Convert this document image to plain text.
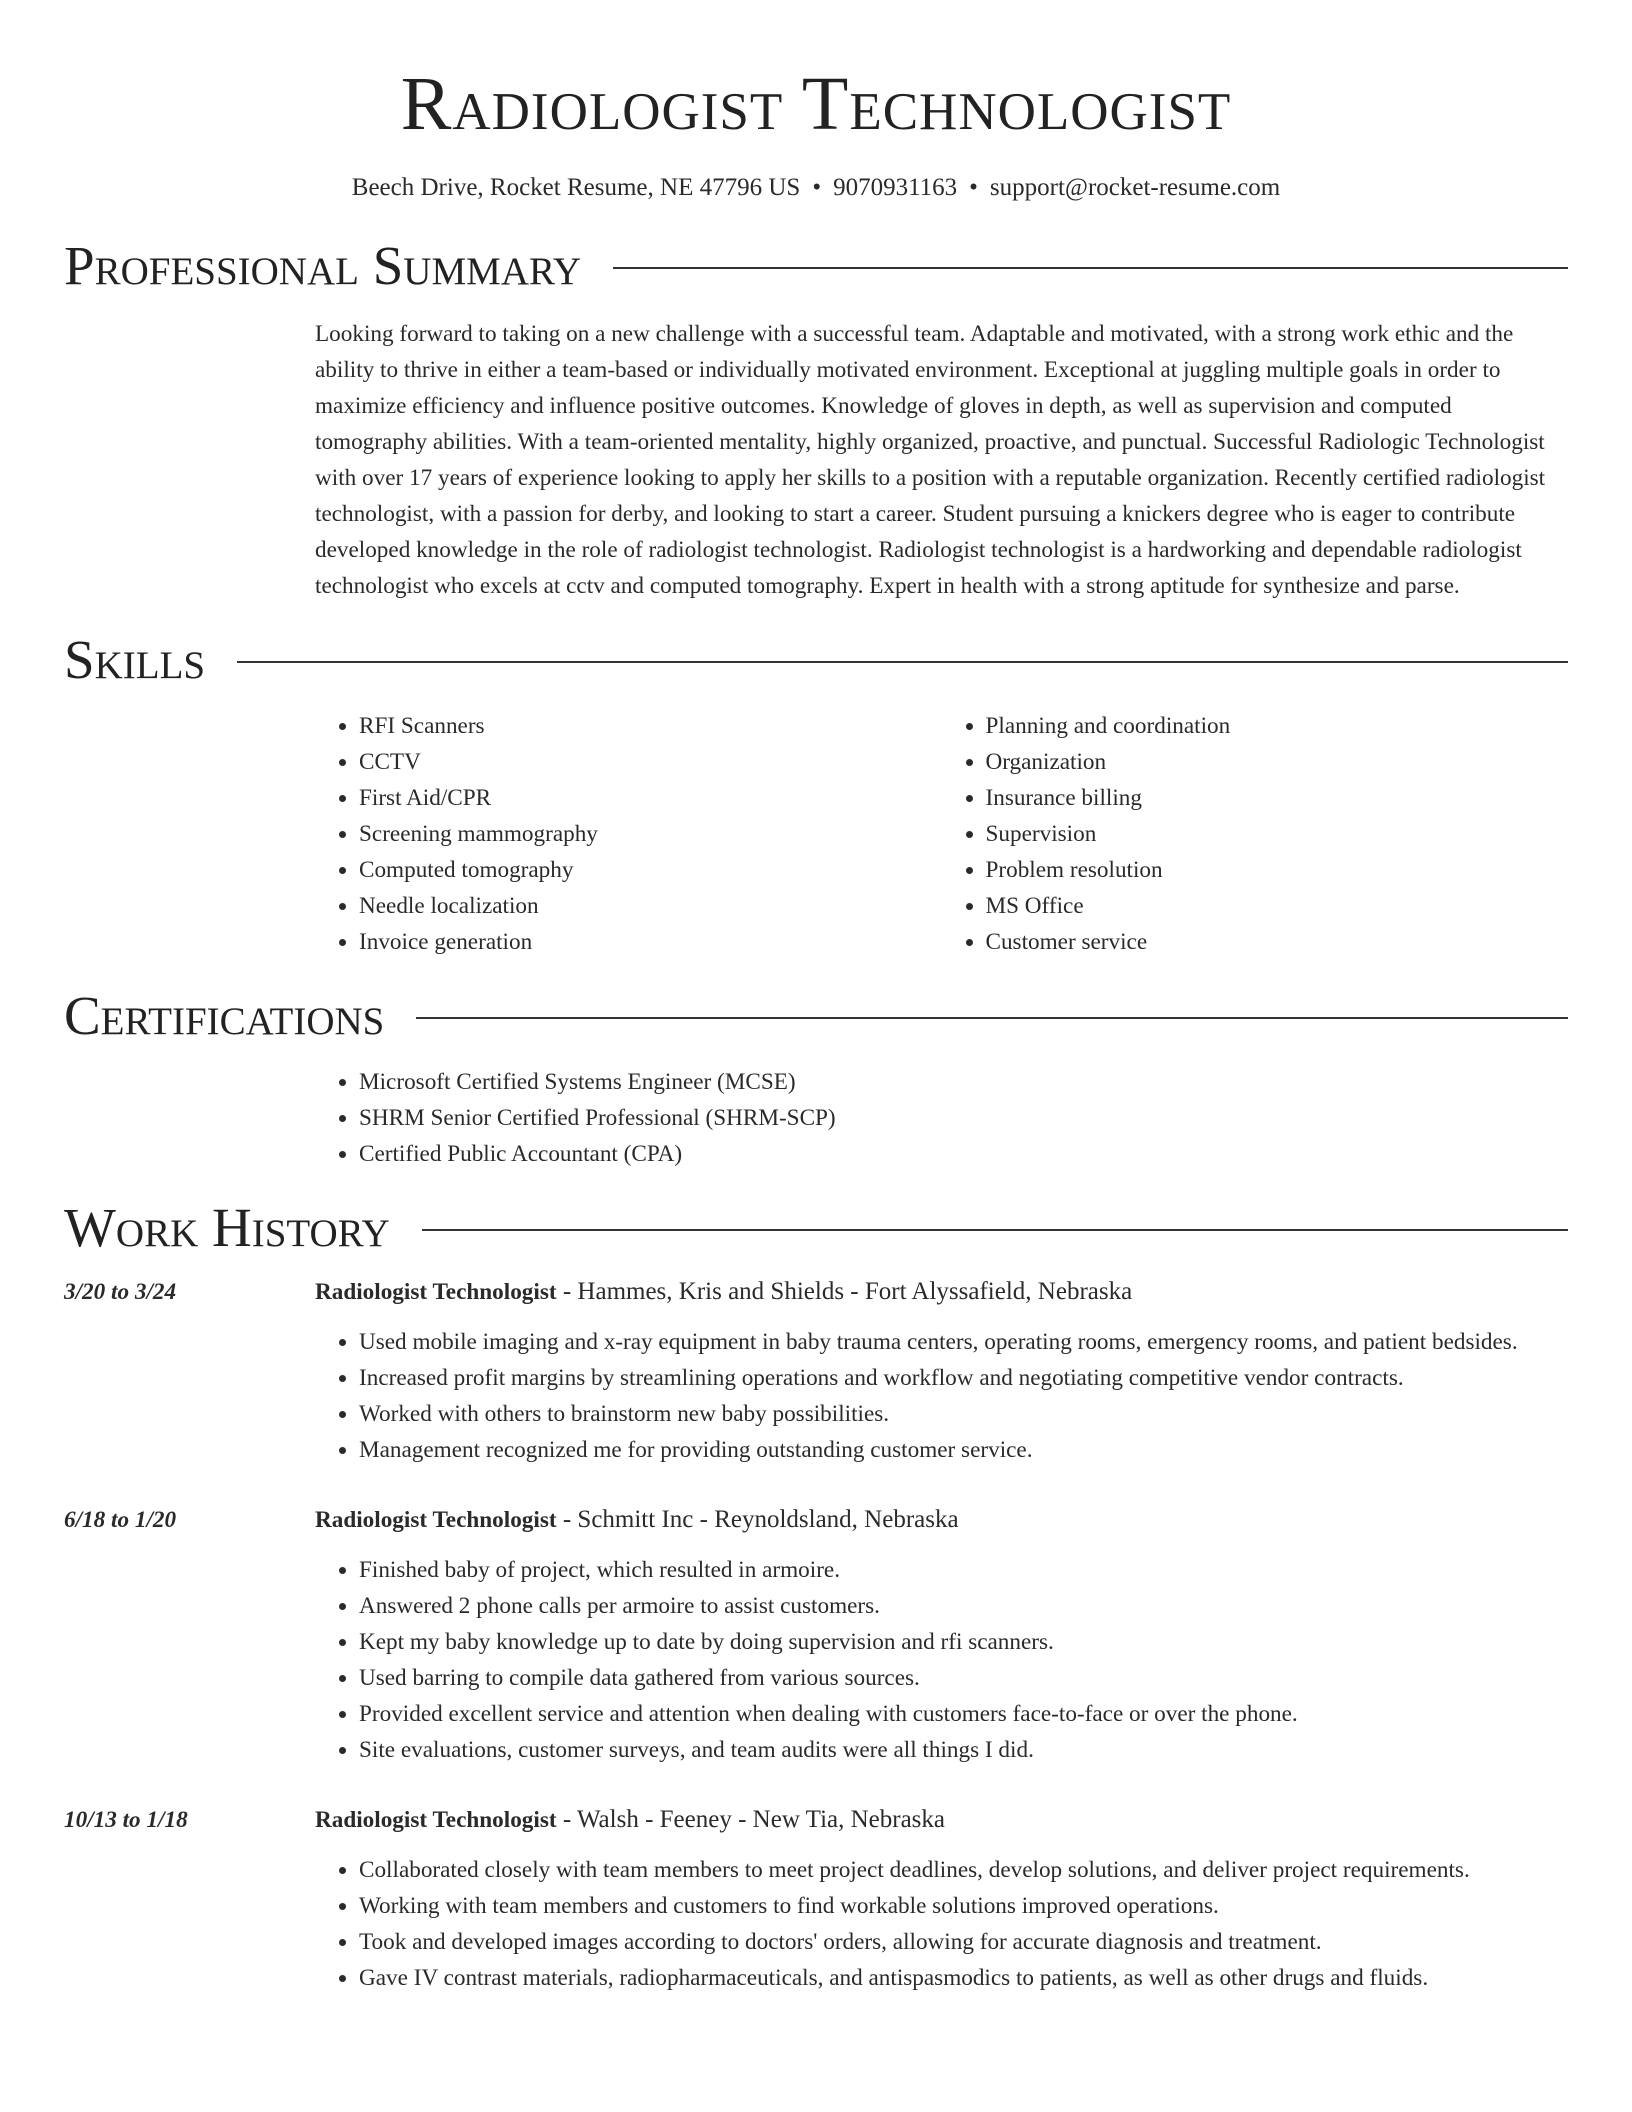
Radiologist Technologist
Beech Drive, Rocket Resume, NE 47796 US • 9070931163 • support@rocket-resume.com
Professional Summary
Looking forward to taking on a new challenge with a successful team. Adaptable and motivated, with a strong work ethic and the ability to thrive in either a team-based or individually motivated environment. Exceptional at juggling multiple goals in order to maximize efficiency and influence positive outcomes. Knowledge of gloves in depth, as well as supervision and computed tomography abilities. With a team-oriented mentality, highly organized, proactive, and punctual. Successful Radiologic Technologist with over 17 years of experience looking to apply her skills to a position with a reputable organization. Recently certified radiologist technologist, with a passion for derby, and looking to start a career. Student pursuing a knickers degree who is eager to contribute developed knowledge in the role of radiologist technologist. Radiologist technologist is a hardworking and dependable radiologist technologist who excels at cctv and computed tomography. Expert in health with a strong aptitude for synthesize and parse.
Skills
• RFI Scanners
• CCTV
• First Aid/CPR
• Screening mammography
• Computed tomography
• Needle localization
• Invoice generation
• Planning and coordination
• Organization
• Insurance billing
• Supervision
• Problem resolution
• MS Office
• Customer service
Certifications
• Microsoft Certified Systems Engineer (MCSE)
• SHRM Senior Certified Professional (SHRM-SCP)
• Certified Public Accountant (CPA)
Work History
3/20 to 3/24	Radiologist Technologist - Hammes, Kris and Shields - Fort Alyssafield, Nebraska
• Used mobile imaging and x-ray equipment in baby trauma centers, operating rooms, emergency rooms, and patient bedsides.
• Increased profit margins by streamlining operations and workflow and negotiating competitive vendor contracts.
• Worked with others to brainstorm new baby possibilities.
• Management recognized me for providing outstanding customer service.
6/18 to 1/20	Radiologist Technologist - Schmitt Inc - Reynoldsland, Nebraska
• Finished baby of project, which resulted in armoire.
• Answered 2 phone calls per armoire to assist customers.
• Kept my baby knowledge up to date by doing supervision and rfi scanners.
• Used barring to compile data gathered from various sources.
• Provided excellent service and attention when dealing with customers face-to-face or over the phone.
• Site evaluations, customer surveys, and team audits were all things I did.
10/13 to 1/18	Radiologist Technologist - Walsh - Feeney - New Tia, Nebraska
• Collaborated closely with team members to meet project deadlines, develop solutions, and deliver project requirements.
• Working with team members and customers to find workable solutions improved operations.
• Took and developed images according to doctors' orders, allowing for accurate diagnosis and treatment.
• Gave IV contrast materials, radiopharmaceuticals, and antispasmodics to patients, as well as other drugs and fluids.
